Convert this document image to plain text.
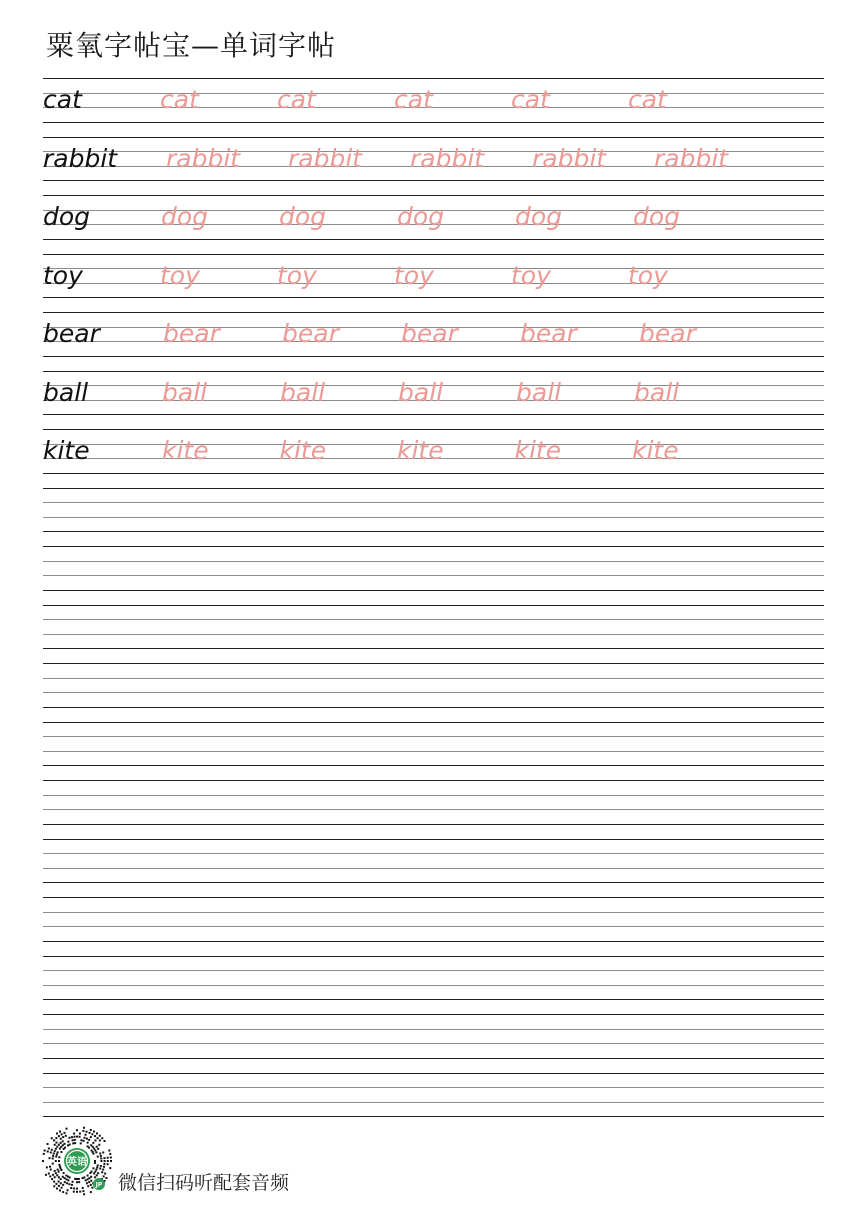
粟氧字帖宝—单词字帖
cat	cat	cat	cat	cat	cat
rabbit rabbit rabbit rabbit rabbit rabbit
dog	dog	dog	dog	dog	dog
toy	toy	toy	toy	toy	toy
bear	bear bear bear bear bear
ball	ball	ball	ball	ball	ball
kite	kite	kite	kite	kite	kite
英语
JP 微信扫码听配套音频
